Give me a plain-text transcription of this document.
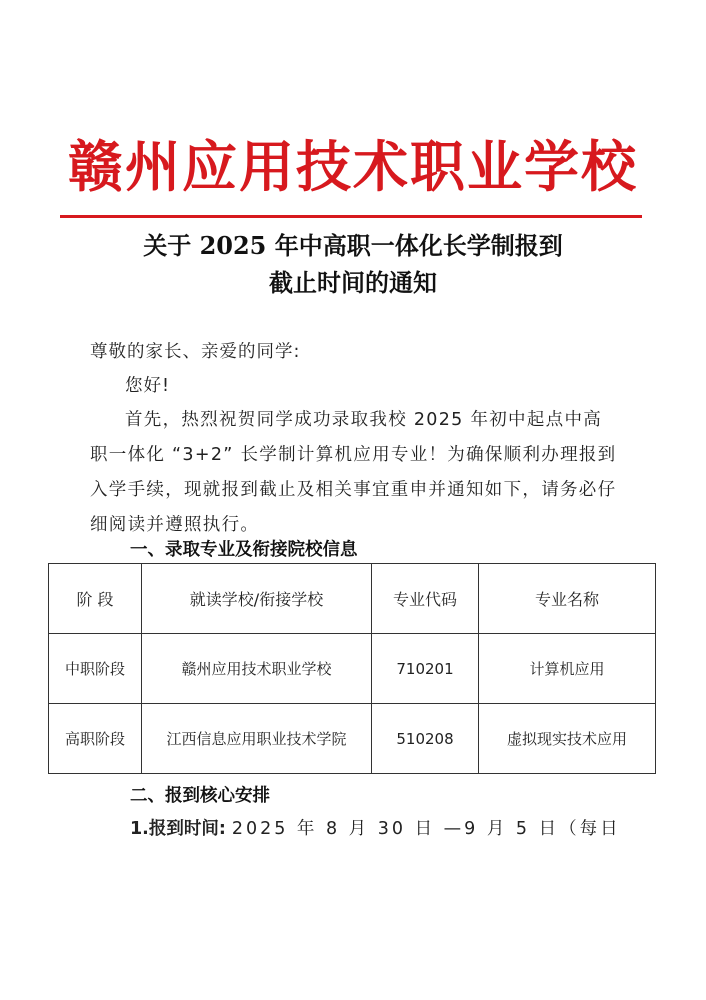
赣州应用技术职业学校
关于 2025 年中高职一体化长学制报到
截止时间的通知
尊敬的家长、亲爱的同学:
您好!
首先，热烈祝贺同学成功录取我校 2025 年初中起点中高职一体化 “3+2” 长学制计算机应用专业！为确保顺利办理报到入学手续，现就报到截止及相关事宜重申并通知如下，请务必仔细阅读并遵照执行。
一、录取专业及衔接院校信息
阶 段	就读学校/衔接学校	专业代码	专业名称
中职阶段	赣州应用技术职业学校	710201	计算机应用
高职阶段	江西信息应用职业技术学院	510208	虚拟现实技术应用
二、报到核心安排
1.报到时间: 2025 年 8 月 30 日 —9 月 5 日（每日
